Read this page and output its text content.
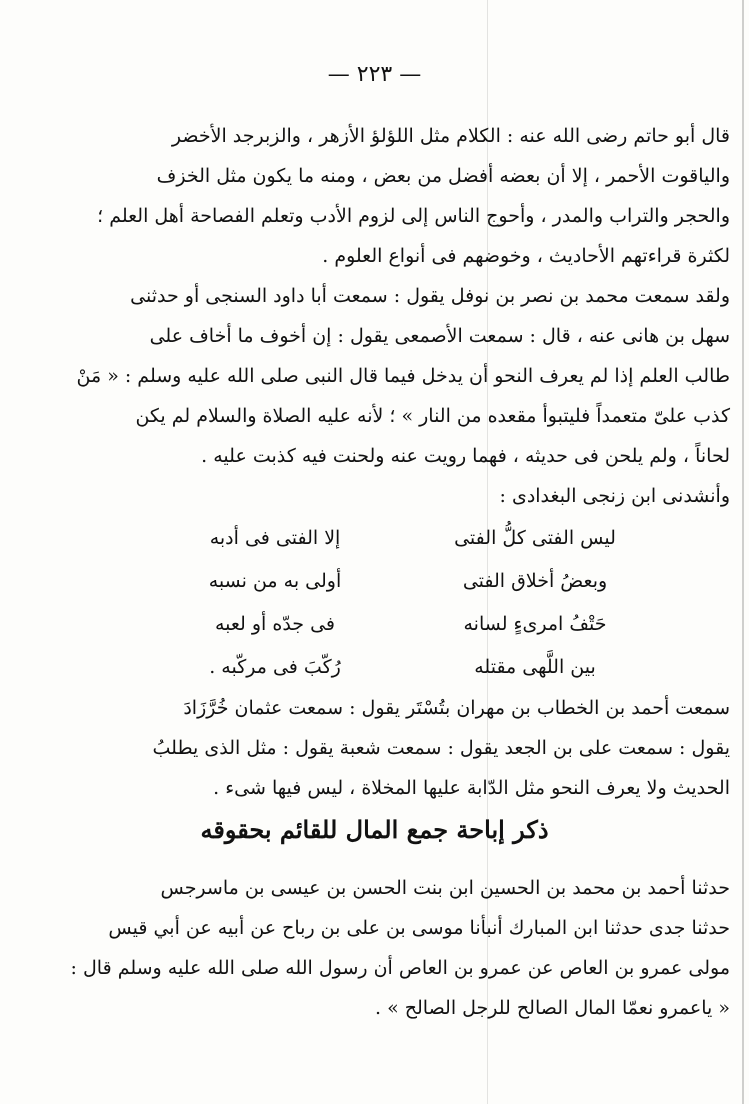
— ٢٢٣ —
قال أبو حاتم رضى الله عنه : الكلام مثل اللؤلؤ الأزهر ، والزبرجد الأخضر
والياقوت الأحمر ، إلا أن بعضه أفضل من بعض ، ومنه ما يكون مثل الخزف
والحجر والتراب والمدر ، وأحوج الناس إلى لزوم الأدب وتعلم الفصاحة أهل العلم ؛
لكثرة قراءتهم الأحاديث ، وخوضهم فى أنواع العلوم .
ولقد سمعت محمد بن نصر بن نوفل يقول : سمعت أبا داود السنجى أو حدثنى
سهل بن هانى عنه ، قال : سمعت الأصمعى يقول : إن أخوف ما أخاف على
طالب العلم إذا لم يعرف النحو أن يدخل فيما قال النبى صلى الله عليه وسلم : « مَنْ
كذب علىّ متعمداً فليتبوأ مقعده من النار » ؛ لأنه عليه الصلاة والسلام لم يكن
لحاناً ، ولم يلحن فى حديثه ، فهما رويت عنه ولحنت فيه كذبت عليه .
وأنشدنى ابن زنجى البغدادى :
ليس الفتى كلُّ الفتى
إلا الفتى فى أدبه
وبعضُ أخلاق الفتى
أولى به من نسبه
حَتْفُ امرىءٍ لسانه
فى جدّه أو لعبه
بين اللَّهى مقتله
رُكّبَ فى مركّبه .
سمعت أحمد بن الخطاب بن مهران بتُسْتَر يقول : سمعت عثمان خُرَّزَادَ
يقول : سمعت على بن الجعد يقول : سمعت شعبة يقول : مثل الذى يطلبُ
الحديث ولا يعرف النحو مثل الدّابة عليها المخلاة ، ليس فيها شىء .
ذكر إباحة جمع المال للقائم بحقوقه
حدثنا أحمد بن محمد بن الحسين ابن بنت الحسن بن عيسى بن ماسرجس
حدثنا جدى حدثنا ابن المبارك أنبأنا موسى بن على بن رباح عن أبيه عن أبي قيس
مولى عمرو بن العاص عن عمرو بن العاص أن رسول الله صلى الله عليه وسلم قال :
« ياعمرو نعمّا المال الصالح للرجل الصالح » .
